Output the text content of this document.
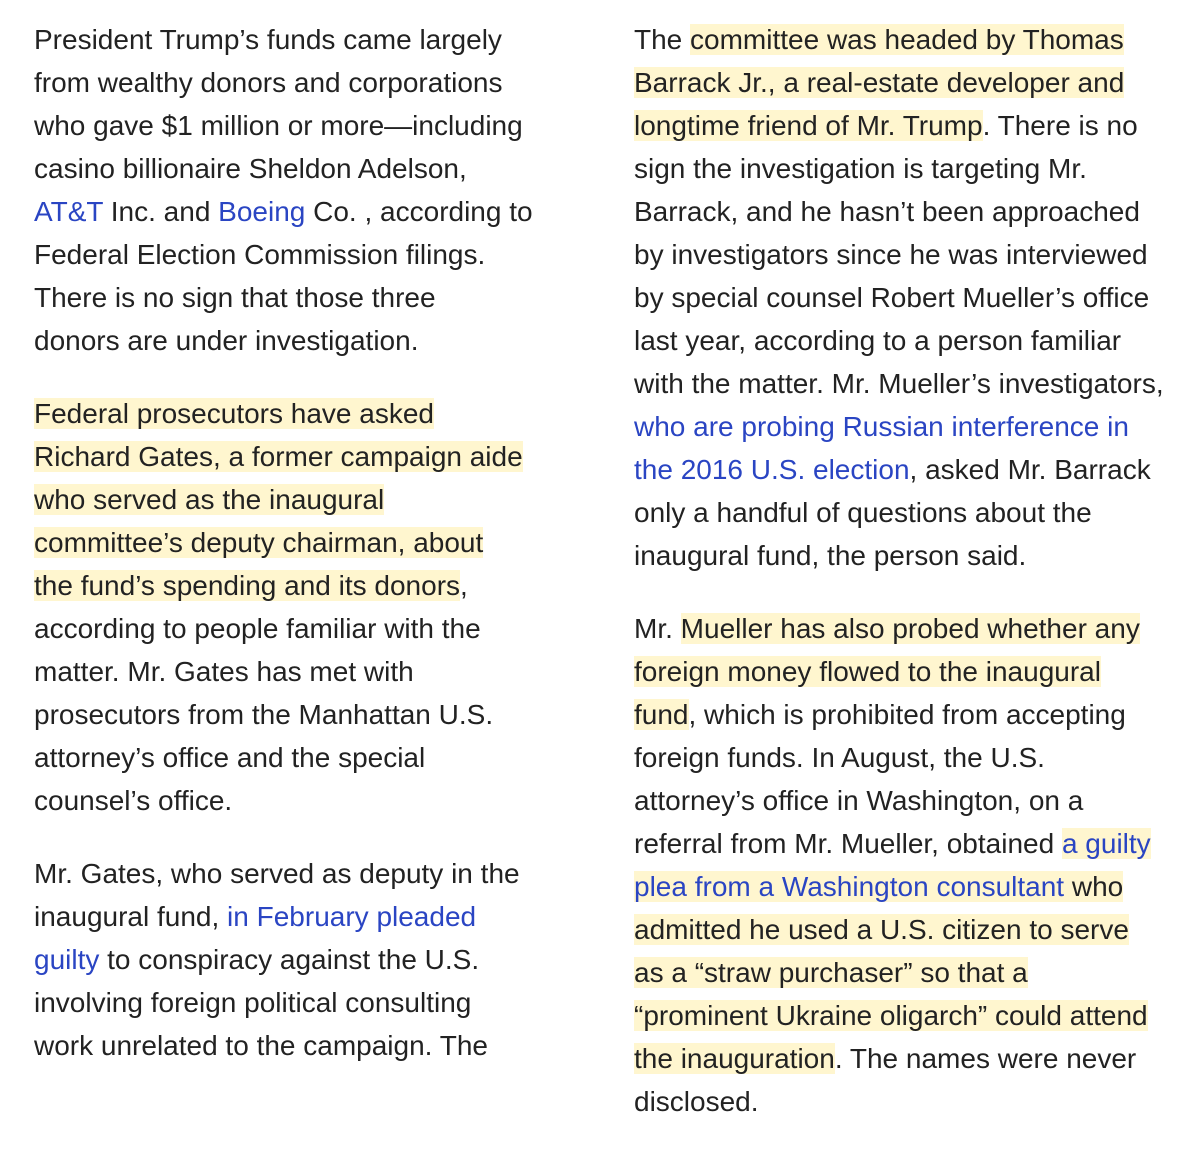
President Trump’s funds came largely
from wealthy donors and corporations
who gave $1 million or more—including
casino billionaire Sheldon Adelson,
AT&T Inc. and Boeing Co. , according to
Federal Election Commission filings.
There is no sign that those three
donors are under investigation.

Federal prosecutors have asked
Richard Gates, a former campaign aide
who served as the inaugural
committee’s deputy chairman, about
the fund’s spending and its donors,
according to people familiar with the
matter. Mr. Gates has met with
prosecutors from the Manhattan U.S.
attorney’s office and the special
counsel’s office.

Mr. Gates, who served as deputy in the
inaugural fund, in February pleaded
guilty to conspiracy against the U.S.
involving foreign political consulting
work unrelated to the campaign. The

The committee was headed by Thomas
Barrack Jr., a real-estate developer and
longtime friend of Mr. Trump. There is no
sign the investigation is targeting Mr.
Barrack, and he hasn’t been approached
by investigators since he was interviewed
by special counsel Robert Mueller’s office
last year, according to a person familiar
with the matter. Mr. Mueller’s investigators,
who are probing Russian interference in
the 2016 U.S. election, asked Mr. Barrack
only a handful of questions about the
inaugural fund, the person said.

Mr. Mueller has also probed whether any
foreign money flowed to the inaugural
fund, which is prohibited from accepting
foreign funds. In August, the U.S.
attorney’s office in Washington, on a
referral from Mr. Mueller, obtained a guilty
plea from a Washington consultant who
admitted he used a U.S. citizen to serve
as a “straw purchaser” so that a
“prominent Ukraine oligarch” could attend
the inauguration. The names were never
disclosed.
